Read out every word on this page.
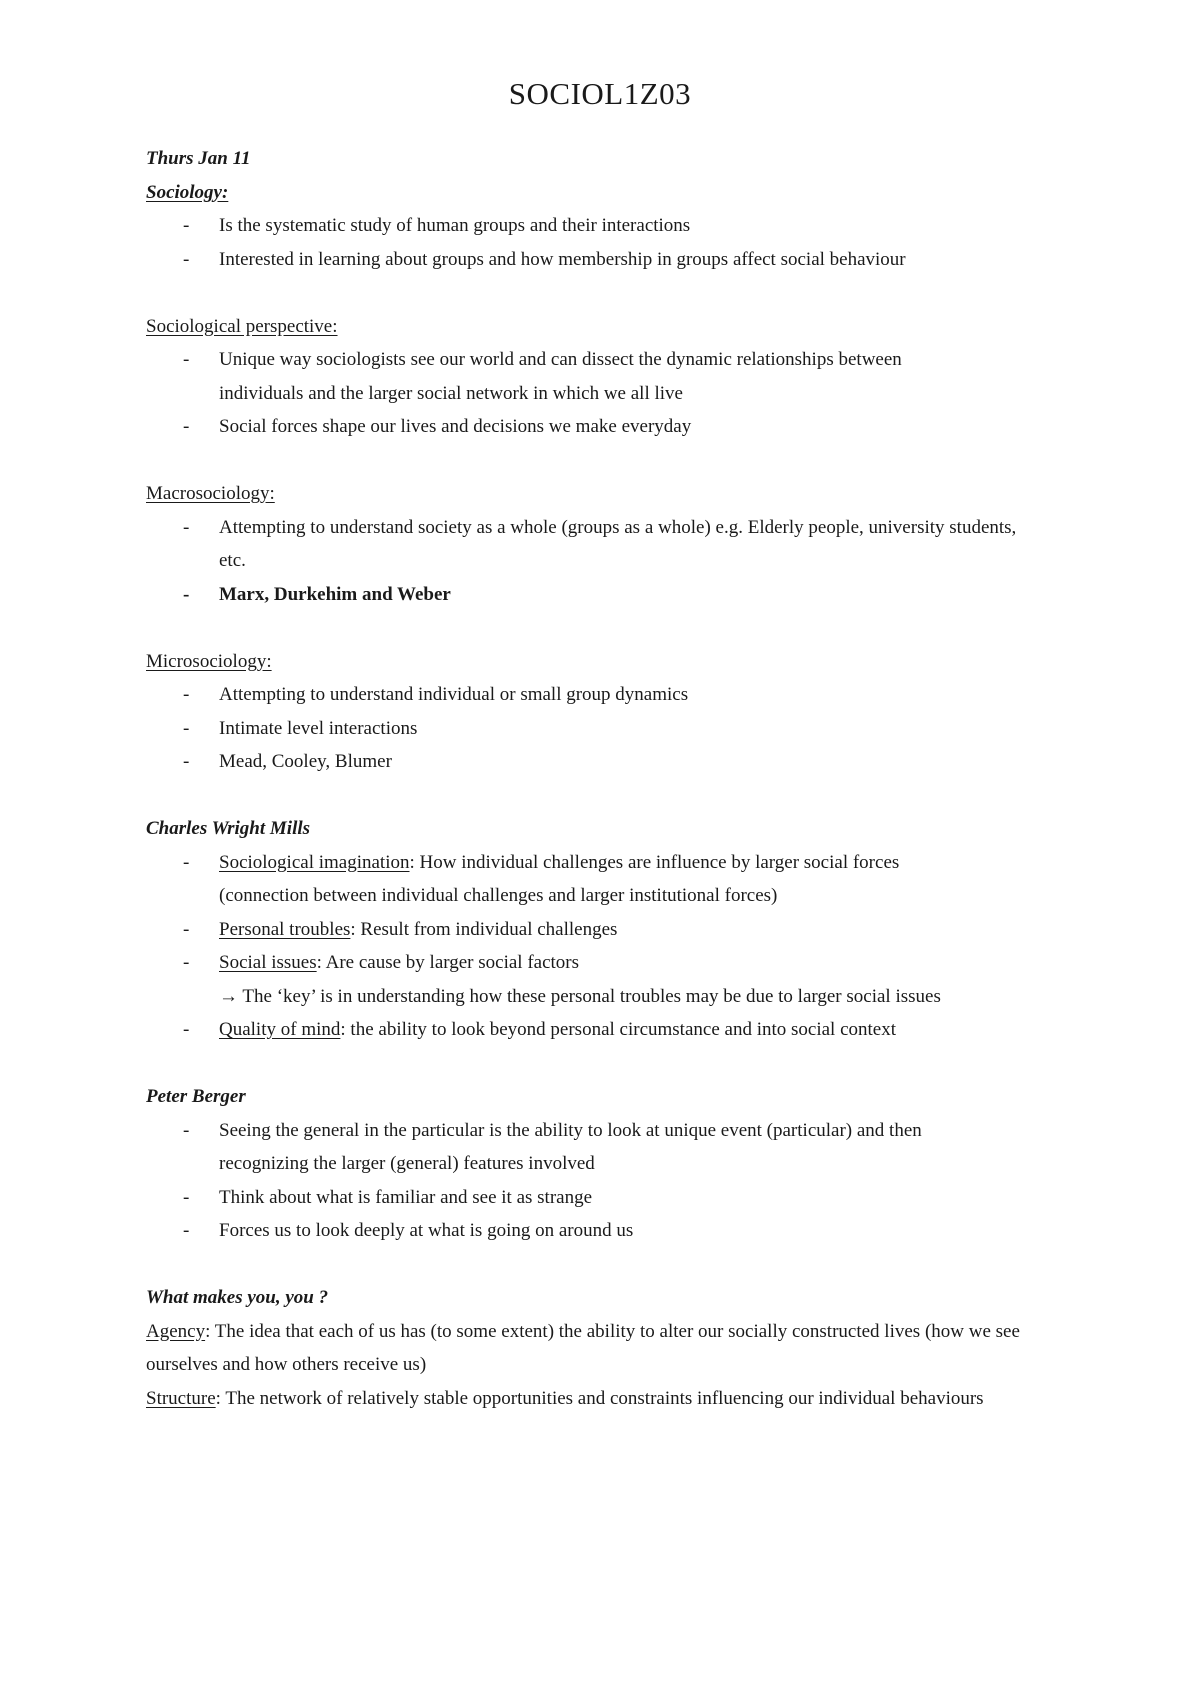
SOCIOL1Z03
Thurs Jan 11
Sociology:
- Is the systematic study of human groups and their interactions
- Interested in learning about groups and how membership in groups affect social behaviour
Sociological perspective:
- Unique way sociologists see our world and can dissect the dynamic relationships between individuals and the larger social network in which we all live
- Social forces shape our lives and decisions we make everyday
Macrosociology:
- Attempting to understand society as a whole (groups as a whole) e.g. Elderly people, university students, etc.
- Marx, Durkehim and Weber
Microsociology:
- Attempting to understand individual or small group dynamics
- Intimate level interactions
- Mead, Cooley, Blumer
Charles Wright Mills
- Sociological imagination: How individual challenges are influence by larger social forces (connection between individual challenges and larger institutional forces)
- Personal troubles: Result from individual challenges
- Social issues: Are cause by larger social factors
→ The ‘key’ is in understanding how these personal troubles may be due to larger social issues
- Quality of mind: the ability to look beyond personal circumstance and into social context
Peter Berger
- Seeing the general in the particular is the ability to look at unique event (particular) and then recognizing the larger (general) features involved
- Think about what is familiar and see it as strange
- Forces us to look deeply at what is going on around us
What makes you, you ?
Agency: The idea that each of us has (to some extent) the ability to alter our socially constructed lives (how we see ourselves and how others receive us)
Structure: The network of relatively stable opportunities and constraints influencing our individual behaviours
